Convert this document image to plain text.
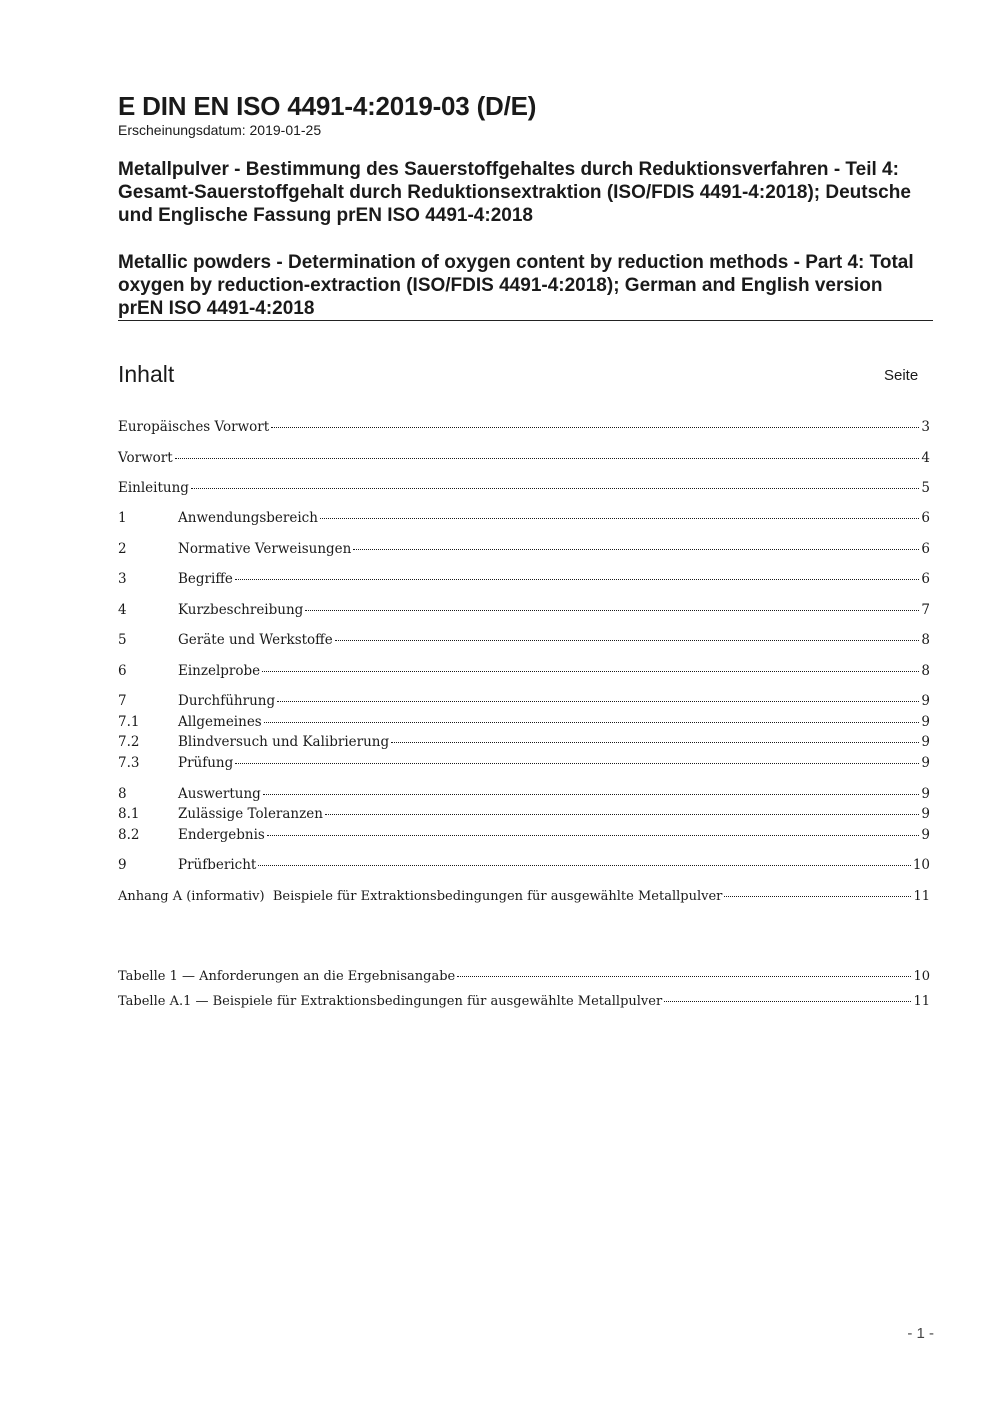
E DIN EN ISO 4491-4:2019-03 (D/E)
Erscheinungsdatum: 2019-01-25
Metallpulver - Bestimmung des Sauerstoffgehaltes durch Reduktionsverfahren - Teil 4: Gesamt-Sauerstoffgehalt durch Reduktionsextraktion (ISO/FDIS 4491-4:2018); Deutsche und Englische Fassung prEN ISO 4491-4:2018
Metallic powders - Determination of oxygen content by reduction methods - Part 4: Total oxygen by reduction-extraction (ISO/FDIS 4491-4:2018); German and English version prEN ISO 4491-4:2018
Inhalt	Seite
Europäisches Vorwort	3
Vorwort	4
Einleitung	5
1	Anwendungsbereich	6
2	Normative Verweisungen	6
3	Begriffe	6
4	Kurzbeschreibung	7
5	Geräte und Werkstoffe	8
6	Einzelprobe	8
7	Durchführung	9
7.1	Allgemeines	9
7.2	Blindversuch und Kalibrierung	9
7.3	Prüfung	9
8	Auswertung	9
8.1	Zulässige Toleranzen	9
8.2	Endergebnis	9
9	Prüfbericht	10
Anhang A (informativ)  Beispiele für Extraktionsbedingungen für ausgewählte Metallpulver	11
Tabelle 1 — Anforderungen an die Ergebnisangabe	10
Tabelle A.1 — Beispiele für Extraktionsbedingungen für ausgewählte Metallpulver	11
- 1 -
